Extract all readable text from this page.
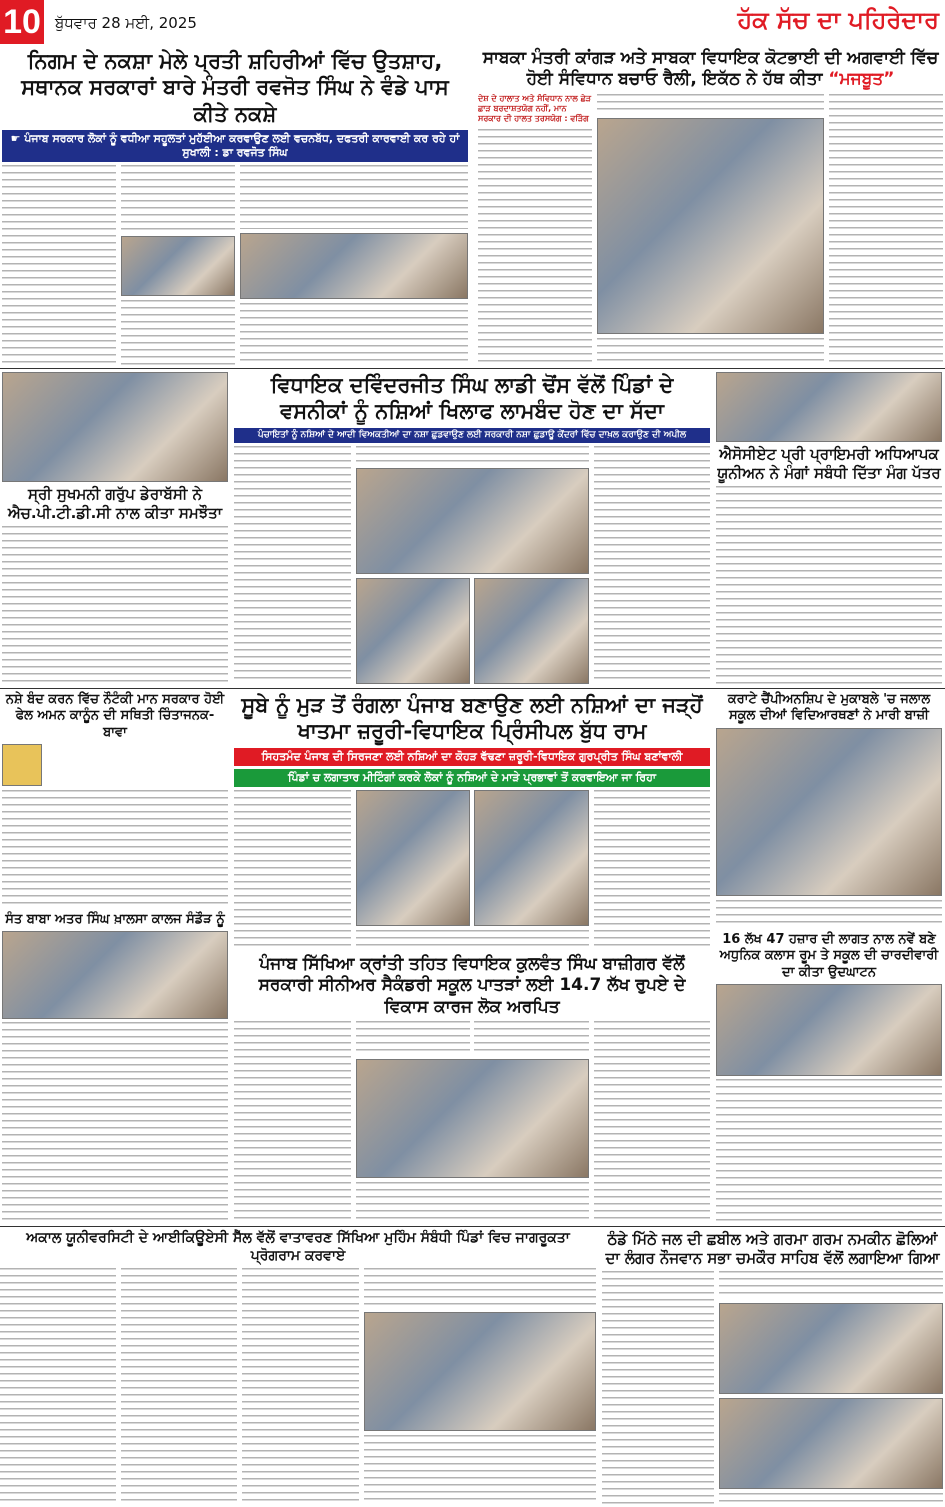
10 ਬੁੱਧਵਾਰ 28 ਮਈ, 2025	ਹੱਕ ਸੱਚ ਦਾ ਪਹਿਰੇਦਾਰ
ਨਿਗਮ ਦੇ ਨਕਸ਼ਾ ਮੇਲੇ ਪ੍ਰਤੀ ਸ਼ਹਿਰੀਆਂ ਵਿੱਚ ਉਤਸ਼ਾਹ, ਸਥਾਨਕ ਸਰਕਾਰਾਂ ਬਾਰੇ ਮੰਤਰੀ ਰਵਜੋਤ ਸਿੰਘ ਨੇ ਵੰਡੇ ਪਾਸ ਕੀਤੇ ਨਕਸ਼ੇ
☛ ਪੰਜਾਬ ਸਰਕਾਰ ਲੋਕਾਂ ਨੂੰ ਵਧੀਆ ਸਹੂਲਤਾਂ ਮੁਹੱਈਆ ਕਰਵਾਉਣ ਲਈ ਵਚਨਬੱਧ, ਦਫਤਰੀ ਕਾਰਵਾਈ ਕਰ ਰਹੇ ਹਾਂ ਸੁਖਾਲੀ : ਡਾ ਰਵਜੋਤ ਸਿੰਘ
ਸਾਬਕਾ ਮੰਤਰੀ ਕਾਂਗੜ ਅਤੇ ਸਾਬਕਾ ਵਿਧਾਇਕ ਕੋਟਭਾਈ ਦੀ ਅਗਵਾਈ ਵਿੱਚ ਹੋਈ ਸੰਵਿਧਾਨ ਬਚਾਓ ਰੈਲੀ, ਇਕੱਠ ਨੇ ਹੱਥ ਕੀਤਾ “ਮਜਬੂਤ”
ਦੇਸ਼ ਦੇ ਹਾਲਾਤ ਅਤੇ ਸੰਵਿਧਾਨ ਨਾਲ ਛੇੜ ਛਾੜ ਬਰਦਾਸ਼ਤਯੋਗ ਨਹੀਂ, ਮਾਨ ਸਰਕਾਰ ਦੀ ਹਾਲਤ ਤਰਸਯੋਗ : ਵੜਿੰਗ
ਸ੍ਰੀ ਸੁਖਮਨੀ ਗਰੁੱਪ ਡੇਰਾਬੱਸੀ ਨੇ ਐਚ.ਪੀ.ਟੀ.ਡੀ.ਸੀ ਨਾਲ ਕੀਤਾ ਸਮਝੌਤਾ
ਵਿਧਾਇਕ ਦਵਿੰਦਰਜੀਤ ਸਿੰਘ ਲਾਡੀ ਢੋਂਸ ਵੱਲੋਂ ਪਿੰਡਾਂ ਦੇ ਵਸਨੀਕਾਂ ਨੂੰ ਨਸ਼ਿਆਂ ਖਿਲਾਫ ਲਾਮਬੰਦ ਹੋਣ ਦਾ ਸੱਦਾ
ਪੰਚਾਇਤਾਂ ਨੂੰ ਨਸ਼ਿਆਂ ਦੇ ਆਦੀ ਵਿਅਕਤੀਆਂ ਦਾ ਨਸ਼ਾ ਛੁਡਵਾਉਣ ਲਈ ਸਰਕਾਰੀ ਨਸ਼ਾ ਛੁਡਾਊ ਕੇਂਦਰਾਂ ਵਿੱਚ ਦਾਖ਼ਲ ਕਰਾਉਣ ਦੀ ਅਪੀਲ
ਐਸੋਸੀਏਟ ਪ੍ਰੀ ਪ੍ਰਾਇਮਰੀ ਅਧਿਆਪਕ ਯੂਨੀਅਨ ਨੇ ਮੰਗਾਂ ਸਬੰਧੀ ਦਿੱਤਾ ਮੰਗ ਪੱਤਰ
ਨਸ਼ੇ ਬੰਦ ਕਰਨ ਵਿੱਚ ਨੌਟੰਕੀ ਮਾਨ ਸਰਕਾਰ ਹੋਈ ਫੇਲ ਅਮਨ ਕਾਨੂੰਨ ਦੀ ਸਥਿਤੀ ਚਿੰਤਾਜਨਕ- ਬਾਵਾ
ਸੰਤ ਬਾਬਾ ਅਤਰ ਸਿੰਘ ਖ਼ਾਲਸਾ ਕਾਲਜ ਸੰਡੌੜ ਨੂੰ
ਸੂਬੇ ਨੂੰ ਮੁੜ ਤੋਂ ਰੰਗਲਾ ਪੰਜਾਬ ਬਣਾਉਣ ਲਈ ਨਸ਼ਿਆਂ ਦਾ ਜੜ੍ਹੋਂ ਖਾਤਮਾ ਜ਼ਰੂਰੀ-ਵਿਧਾਇਕ ਪ੍ਰਿੰਸੀਪਲ ਬੁੱਧ ਰਾਮ
ਸਿਹਤਮੰਦ ਪੰਜਾਬ ਦੀ ਸਿਰਜਣਾ ਲਈ ਨਸ਼ਿਆਂ ਦਾ ਕੋਹੜ ਵੱਢਣਾ ਜ਼ਰੂਰੀ-ਵਿਧਾਇਕ ਗੁਰਪ੍ਰੀਤ ਸਿੰਘ ਬਣਾਂਵਾਲੀ
ਪਿੰਡਾਂ ਚ ਲਗਾਤਾਰ ਮੀਟਿੰਗਾਂ ਕਰਕੇ ਲੋਕਾਂ ਨੂੰ ਨਸ਼ਿਆਂ ਦੇ ਮਾੜੇ ਪ੍ਰਭਾਵਾਂ ਤੋਂ ਕਰਵਾਇਆ ਜਾ ਰਿਹਾ
ਪੰਜਾਬ ਸਿੱਖਿਆ ਕ੍ਰਾਂਤੀ ਤਹਿਤ ਵਿਧਾਇਕ ਕੁਲਵੰਤ ਸਿੰਘ ਬਾਜ਼ੀਗਰ ਵੱਲੋਂ ਸਰਕਾਰੀ ਸੀਨੀਅਰ ਸੈਕੰਡਰੀ ਸਕੂਲ ਪਾਤੜਾਂ ਲਈ 14.7 ਲੱਖ ਰੁਪਏ ਦੇ ਵਿਕਾਸ ਕਾਰਜ ਲੋਕ ਅਰਪਿਤ
ਕਰਾਟੇ ਚੈਂਪੀਅਨਸ਼ਿਪ ਦੇ ਮੁਕਾਬਲੇ 'ਚ ਜਲਾਲ ਸਕੂਲ ਦੀਆਂ ਵਿਦਿਆਰਥਣਾਂ ਨੇ ਮਾਰੀ ਬਾਜ਼ੀ
16 ਲੱਖ 47 ਹਜ਼ਾਰ ਦੀ ਲਾਗਤ ਨਾਲ ਨਵੇਂ ਬਣੇ ਅਧੁਨਿਕ ਕਲਾਸ ਰੂਮ ਤੇ ਸਕੂਲ ਦੀ ਚਾਰਦੀਵਾਰੀ ਦਾ ਕੀਤਾ ਉਦਘਾਟਨ
ਅਕਾਲ ਯੂਨੀਵਰਸਿਟੀ ਦੇ ਆਈਕਿਊਏਸੀ ਸੈੱਲ ਵੱਲੋਂ ਵਾਤਾਵਰਣ ਸਿੱਖਿਆ ਮੁਹਿੰਮ ਸੰਬੰਧੀ ਪਿੰਡਾਂ ਵਿਚ ਜਾਗਰੂਕਤਾ ਪ੍ਰੋਗਰਾਮ ਕਰਵਾਏ
ਠੰਡੇ ਮਿੱਠੇ ਜਲ ਦੀ ਛਬੀਲ ਅਤੇ ਗਰਮਾ ਗਰਮ ਨਮਕੀਨ ਛੋਲਿਆਂ ਦਾ ਲੰਗਰ ਨੌਜਵਾਨ ਸਭਾ ਚਮਕੌਰ ਸਾਹਿਬ ਵੱਲੋਂ ਲਗਾਇਆ ਗਿਆ
